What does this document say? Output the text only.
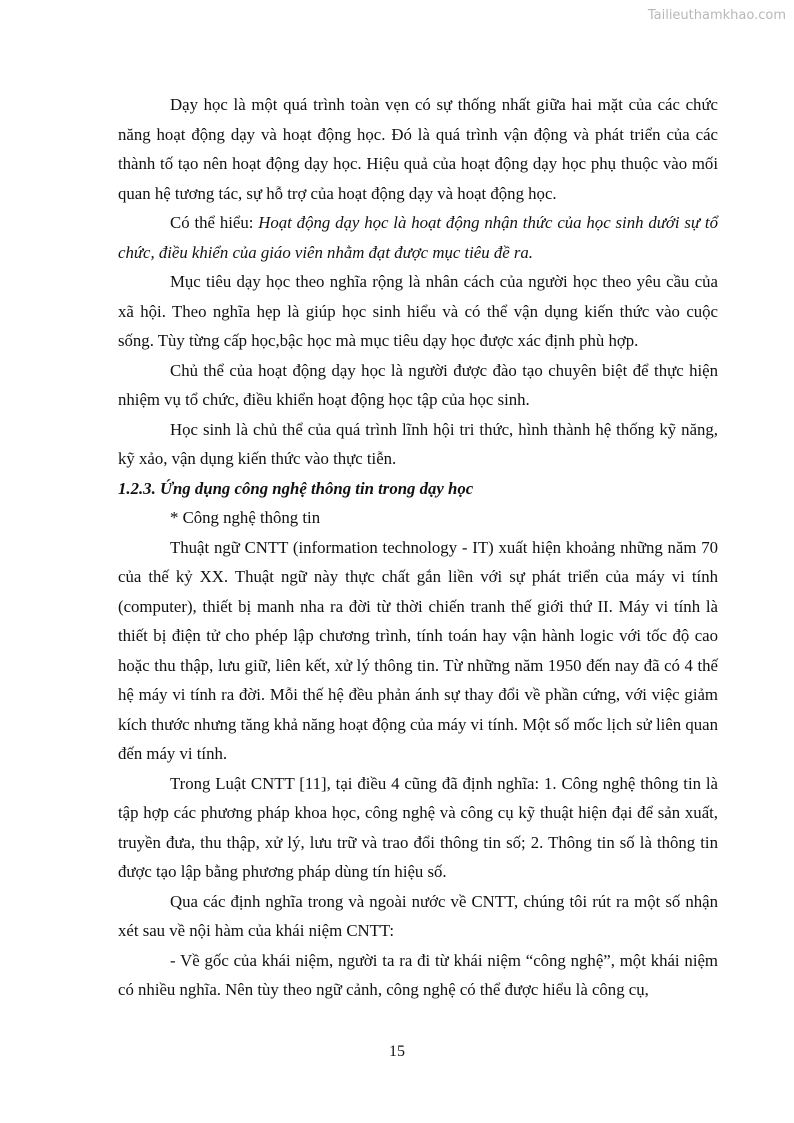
Tailieuthamkhao.com

Dạy học là một quá trình toàn vẹn có sự thống nhất giữa hai mặt của các chức năng hoạt động dạy và hoạt động học. Đó là quá trình vận động và phát triển của các thành tố tạo nên hoạt động dạy học. Hiệu quả của hoạt động dạy học phụ thuộc vào mối quan hệ tương tác, sự hỗ trợ của hoạt động dạy và hoạt động học.

Có thể hiểu: Hoạt động dạy học là hoạt động nhận thức của học sinh dưới sự tổ chức, điều khiển của giáo viên nhằm đạt được mục tiêu đề ra.

Mục tiêu dạy học theo nghĩa rộng là nhân cách của người học theo yêu cầu của xã hội. Theo nghĩa hẹp là giúp học sinh hiểu và có thể vận dụng kiến thức vào cuộc sống. Tùy từng cấp học,bậc học mà mục tiêu dạy học được xác định phù hợp.

Chủ thể của hoạt động dạy học là người được đào tạo chuyên biệt để thực hiện nhiệm vụ tổ chức, điều khiển hoạt động học tập của học sinh.

Học sinh là chủ thể của quá trình lĩnh hội tri thức, hình thành hệ thống kỹ năng, kỹ xảo, vận dụng kiến thức vào thực tiễn.

1.2.3. Ứng dụng công nghệ thông tin trong dạy học

* Công nghệ thông tin

Thuật ngữ CNTT (information technology - IT) xuất hiện khoảng những năm 70 của thế kỷ XX. Thuật ngữ này thực chất gắn liền với sự phát triển của máy vi tính (computer), thiết bị manh nha ra đời từ thời chiến tranh thế giới thứ II. Máy vi tính là thiết bị điện tử cho phép lập chương trình, tính toán hay vận hành logic với tốc độ cao hoặc thu thập, lưu giữ, liên kết, xử lý thông tin. Từ những năm 1950 đến nay đã có 4 thế hệ máy vi tính ra đời. Mỗi thế hệ đều phản ánh sự thay đổi về phần cứng, với việc giảm kích thước nhưng tăng khả năng hoạt động của máy vi tính. Một số mốc lịch sử liên quan đến máy vi tính.

Trong Luật CNTT [11], tại điều 4 cũng đã định nghĩa: 1. Công nghệ thông tin là tập hợp các phương pháp khoa học, công nghệ và công cụ kỹ thuật hiện đại để sản xuất, truyền đưa, thu thập, xử lý, lưu trữ và trao đổi thông tin số; 2. Thông tin số là thông tin được tạo lập bằng phương pháp dùng tín hiệu số.

Qua các định nghĩa trong và ngoài nước về CNTT, chúng tôi rút ra một số nhận xét sau về nội hàm của khái niệm CNTT:

- Về gốc của khái niệm, người ta ra đi từ khái niệm “công nghệ”, một khái niệm có nhiều nghĩa. Nên tùy theo ngữ cảnh, công nghệ có thể được hiểu là công cụ,

15
